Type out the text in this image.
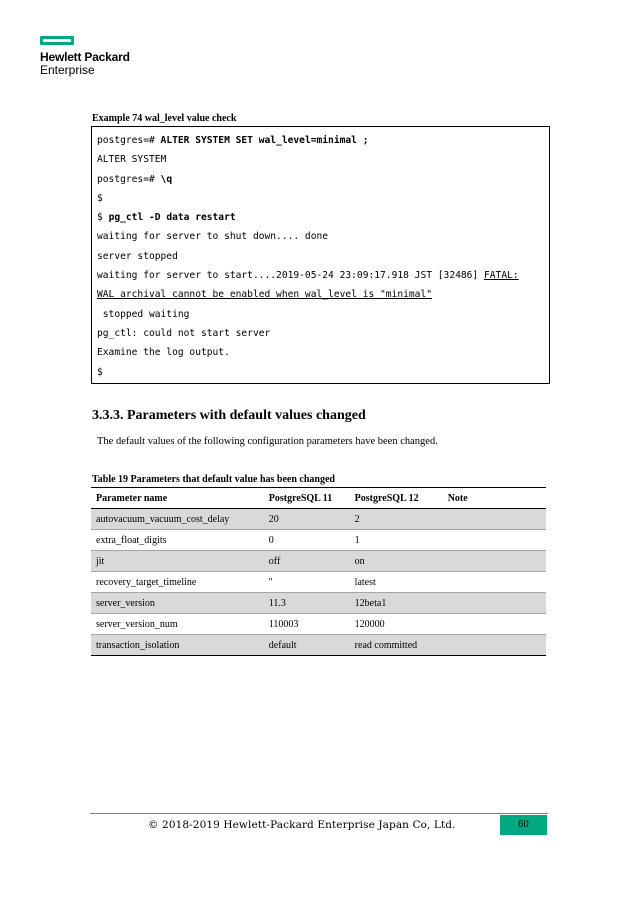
Hewlett Packard
Enterprise
Example 74 wal_level value check
postgres=# ALTER SYSTEM SET wal_level=minimal ;
ALTER SYSTEM
postgres=# \q
$
$ pg_ctl -D data restart
waiting for server to shut down.... done
server stopped
waiting for server to start....2019-05-24 23:09:17.918 JST [32486] FATAL:
WAL archival cannot be enabled when wal_level is "minimal"
stopped waiting
pg_ctl: could not start server
Examine the log output.
$
3.3.3. Parameters with default values changed
The default values of the following configuration parameters have been changed.
Table 19 Parameters that default value has been changed
Parameter name	PostgreSQL 11	PostgreSQL 12	Note
autovacuum_vacuum_cost_delay	20	2	
extra_float_digits	0	1	
jit	off	on	
recovery_target_timeline	''	latest	
server_version	11.3	12beta1	
server_version_num	110003	120000	
transaction_isolation	default	read committed	
© 2018-2019 Hewlett-Packard Enterprise Japan Co, Ltd.	60
